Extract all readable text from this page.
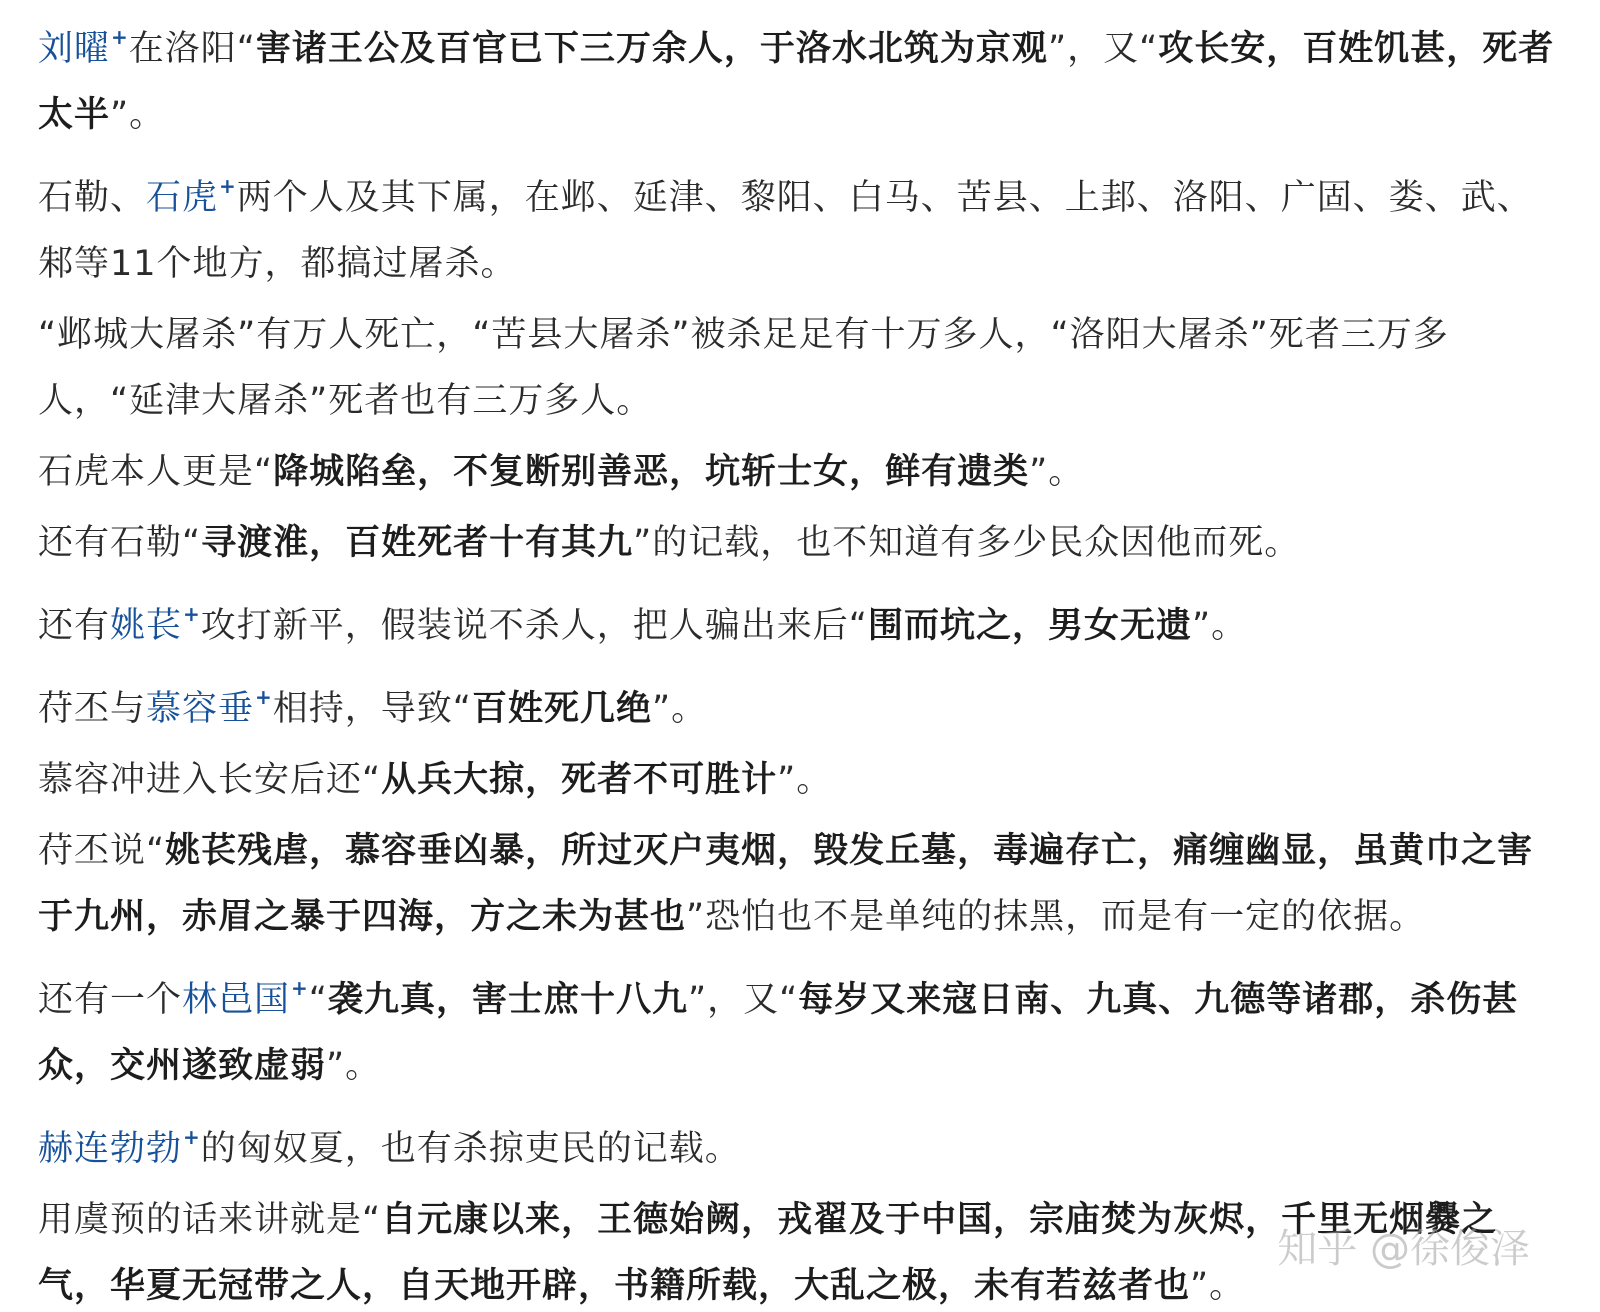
刘曜+在洛阳“害诸王公及百官已下三万余人，于洛水北筑为京观”，又“攻长安，百姓饥甚，死者太半”。

石勒、石虎+两个人及其下属，在邺、延津、黎阳、白马、苦县、上邽、洛阳、广固、娄、武、邾等11个地方，都搞过屠杀。

“邺城大屠杀”有万人死亡，“苦县大屠杀”被杀足足有十万多人，“洛阳大屠杀”死者三万多人，“延津大屠杀”死者也有三万多人。

石虎本人更是“降城陷垒，不复断别善恶，坑斩士女，鲜有遗类”。

还有石勒“寻渡淮，百姓死者十有其九”的记载，也不知道有多少民众因他而死。

还有姚苌+攻打新平，假装说不杀人，把人骗出来后“围而坑之，男女无遗”。

苻丕与慕容垂+相持，导致“百姓死几绝”。

慕容冲进入长安后还“从兵大掠，死者不可胜计”。

苻丕说“姚苌残虐，慕容垂凶暴，所过灭户夷烟，毁发丘墓，毒遍存亡，痛缠幽显，虽黄巾之害于九州，赤眉之暴于四海，方之未为甚也”恐怕也不是单纯的抹黑，而是有一定的依据。

还有一个林邑国+“袭九真，害士庶十八九”，又“每岁又来寇日南、九真、九德等诸郡，杀伤甚众，交州遂致虚弱”。

赫连勃勃+的匈奴夏，也有杀掠吏民的记载。

用虞预的话来讲就是“自元康以来，王德始阙，戎翟及于中国，宗庙焚为灰烬，千里无烟爨之气，华夏无冠带之人，自天地开辟，书籍所载，大乱之极，未有若兹者也”。

知乎 @徐俊泽
